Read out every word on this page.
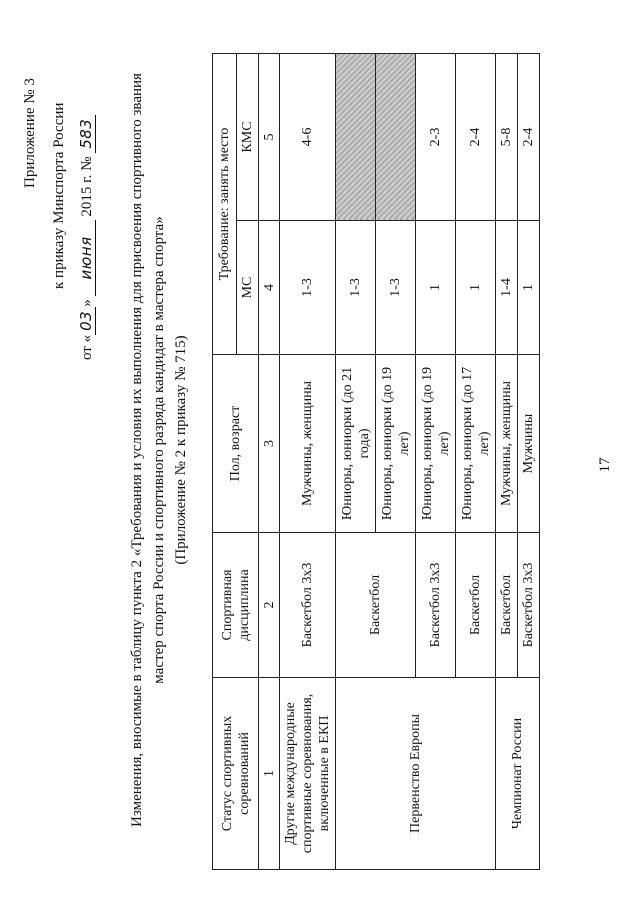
17
Приложение № 3 к приказу Минспорта России
от «03» июня 2015 г. № 583 Изменения, вносимые в таблицу пункта 2 «Требования и условия их выполнения для присвоения спортивного звания мастер спорта России и спортивного разряда кандидат в мастера спорта» (Приложение № 2 к приказу № 715)
Статус спортивных соревнований	Спортивная дисциплина	Пол, возраст	Требование: занять место	
			МС	КМС
1	2	3	4	5
Другие международные спортивные соревнования, включенные в ЕКП	Баскетбол 3х3	Мужчины, женщины	1-3	4-6
Первенство Европы	Баскетбол	Юниоры, юниорки (до 21 года)	1-3	
		Юниоры, юниорки (до 19 лет)	1-3	
	Баскетбол 3х3	Юниоры, юниорки (до 19 лет)	1	2-3
	Баскетбол	Юниоры, юниорки (до 17 лет)	1	2-4
Чемпионат России	Баскетбол	Мужчины, женщины	1-4	5-8
	Баскетбол 3х3	Мужчины	1	2-4
